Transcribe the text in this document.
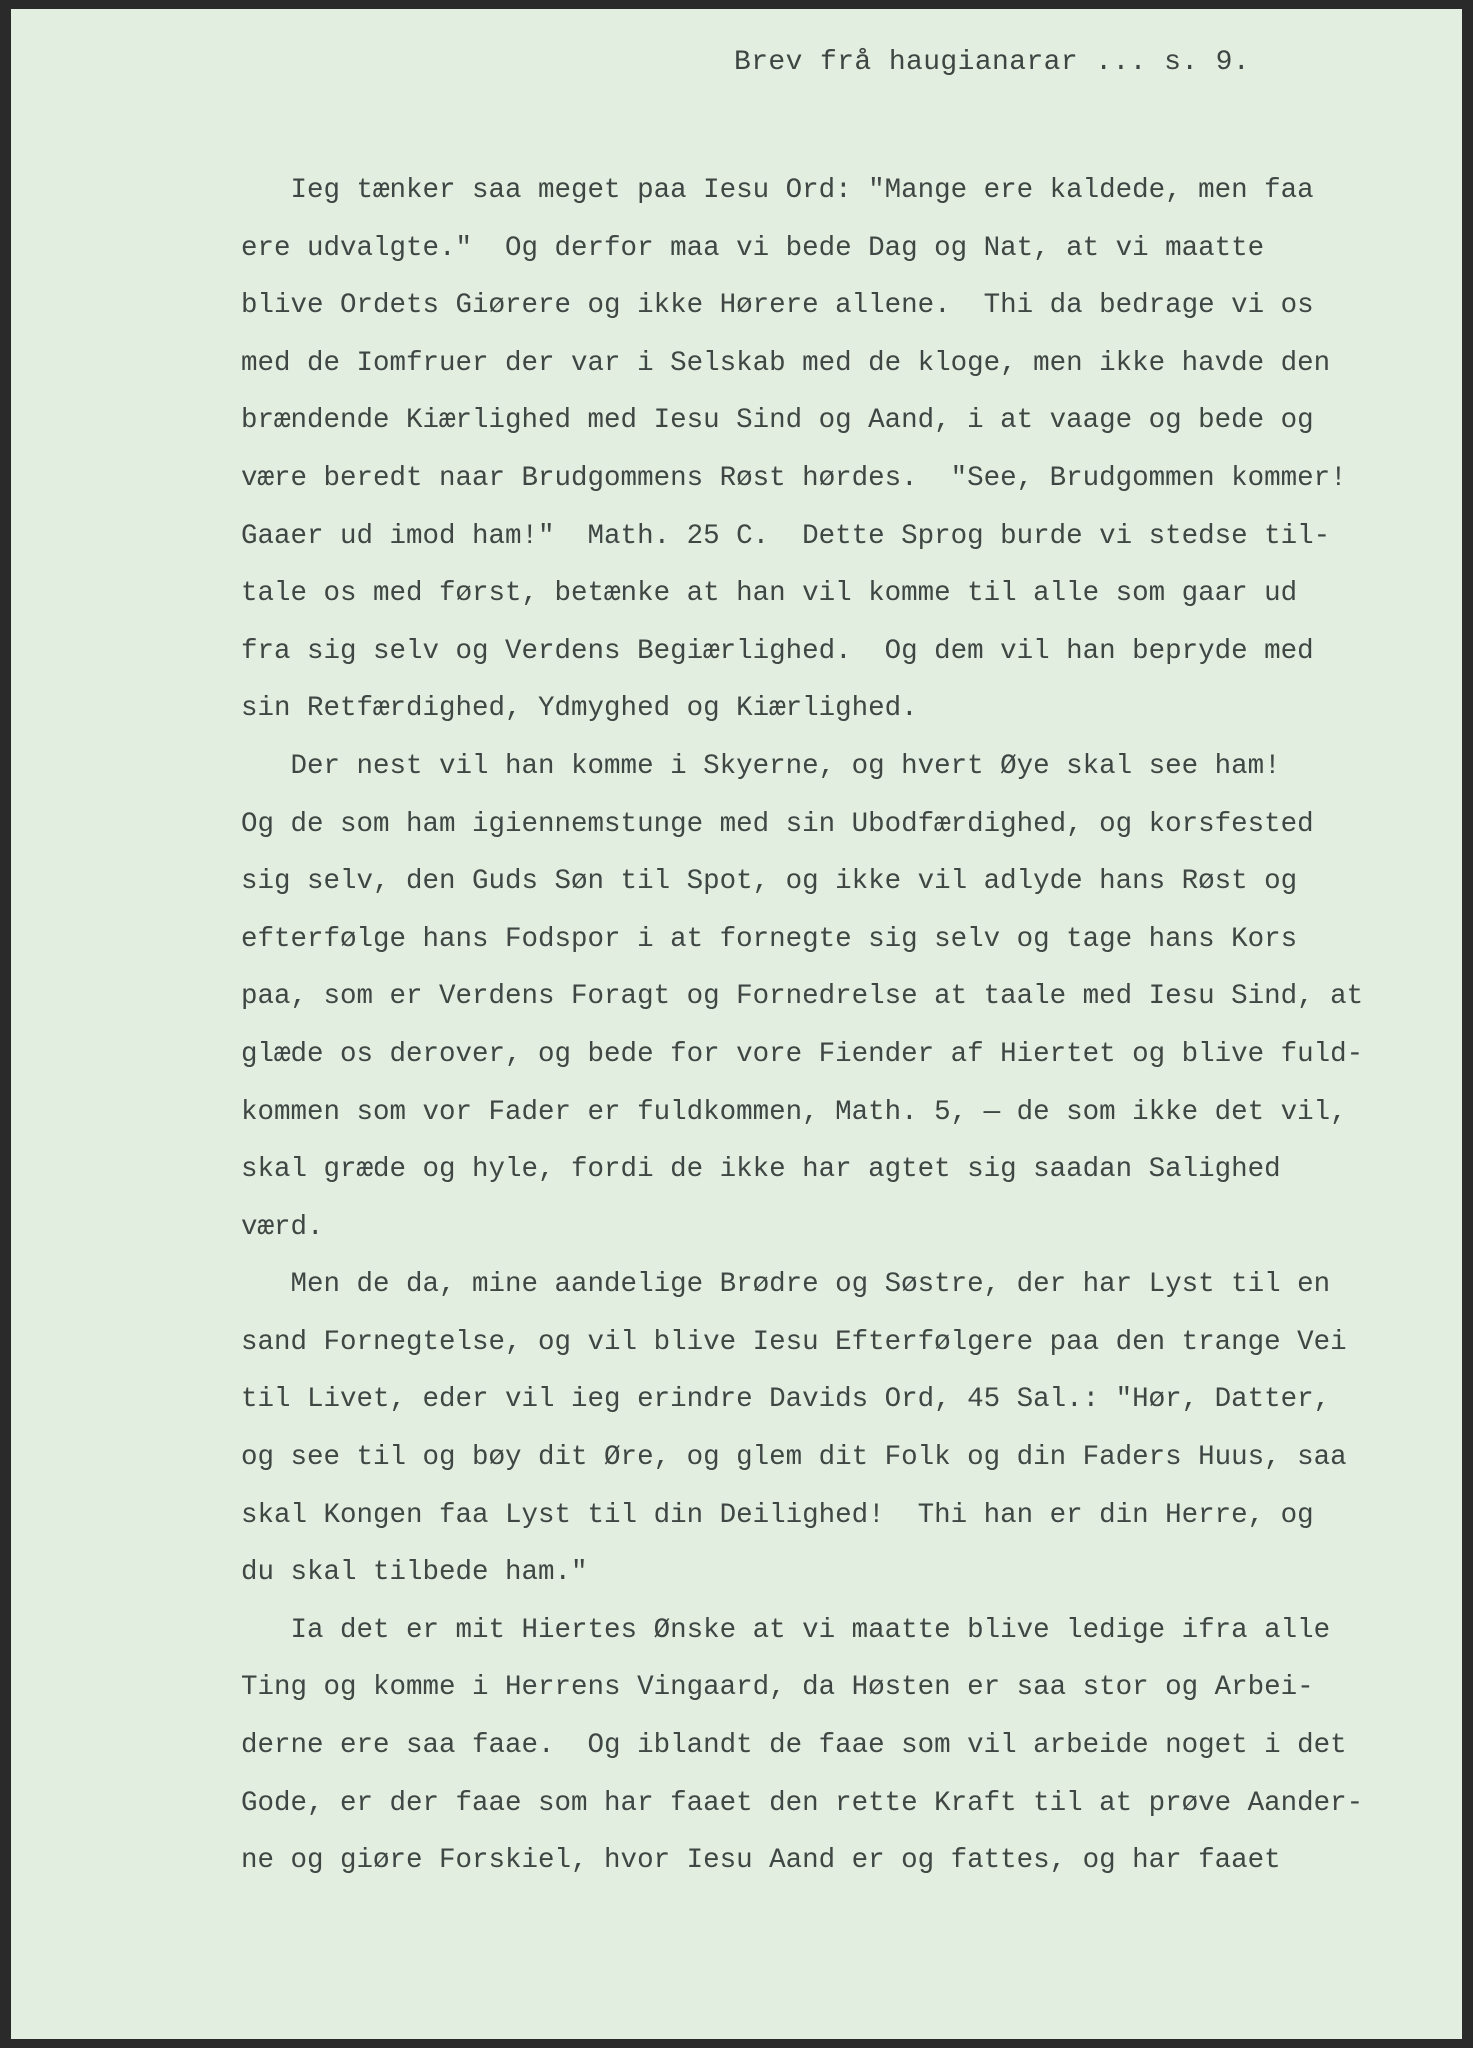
Brev frå haugianarar ... s. 9.
Ieg tænker saa meget paa Iesu Ord: "Mange ere kaldede, men faa
ere udvalgte."  Og derfor maa vi bede Dag og Nat, at vi maatte
blive Ordets Giørere og ikke Hørere allene.  Thi da bedrage vi os
med de Iomfruer der var i Selskab med de kloge, men ikke havde den
brændende Kiærlighed med Iesu Sind og Aand, i at vaage og bede og
være beredt naar Brudgommens Røst hørdes.  "See, Brudgommen kommer!
Gaaer ud imod ham!"  Math. 25 C.  Dette Sprog burde vi stedse til-
tale os med først, betænke at han vil komme til alle som gaar ud
fra sig selv og Verdens Begiærlighed.  Og dem vil han bepryde med
sin Retfærdighed, Ydmyghed og Kiærlighed.
Der nest vil han komme i Skyerne, og hvert Øye skal see ham!
Og de som ham igiennemstunge med sin Ubodfærdighed, og korsfested
sig selv, den Guds Søn til Spot, og ikke vil adlyde hans Røst og
efterfølge hans Fodspor i at fornegte sig selv og tage hans Kors
paa, som er Verdens Foragt og Fornedrelse at taale med Iesu Sind, at
glæde os derover, og bede for vore Fiender af Hiertet og blive fuld-
kommen som vor Fader er fuldkommen, Math. 5, — de som ikke det vil,
skal græde og hyle, fordi de ikke har agtet sig saadan Salighed
værd.
Men de da, mine aandelige Brødre og Søstre, der har Lyst til en
sand Fornegtelse, og vil blive Iesu Efterfølgere paa den trange Vei
til Livet, eder vil ieg erindre Davids Ord, 45 Sal.: "Hør, Datter,
og see til og bøy dit Øre, og glem dit Folk og din Faders Huus, saa
skal Kongen faa Lyst til din Deilighed!  Thi han er din Herre, og
du skal tilbede ham."
Ia det er mit Hiertes Ønske at vi maatte blive ledige ifra alle
Ting og komme i Herrens Vingaard, da Høsten er saa stor og Arbei-
derne ere saa faae.  Og iblandt de faae som vil arbeide noget i det
Gode, er der faae som har faaet den rette Kraft til at prøve Aander-
ne og giøre Forskiel, hvor Iesu Aand er og fattes, og har faaet
